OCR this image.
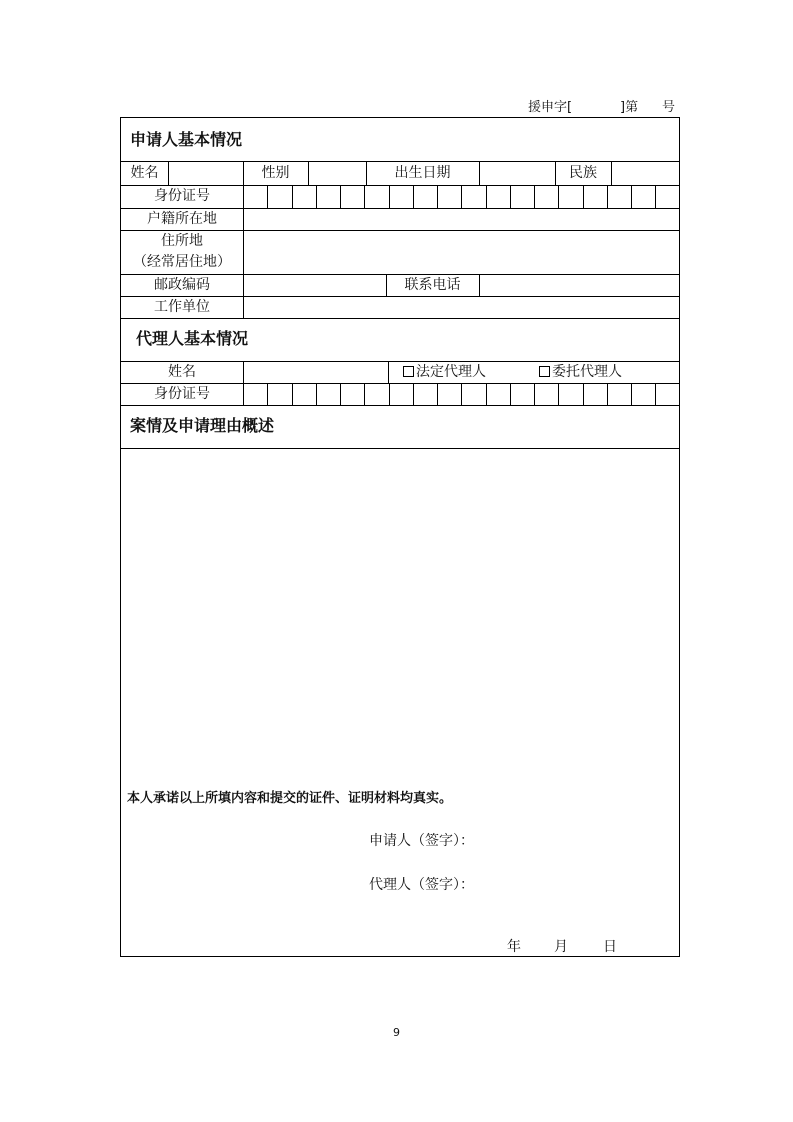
援申字[	]第 号
申请人基本情况
姓名	性别	出生日期	民族
身份证号
户籍所在地
住所地
（经常居住地）
邮政编码	联系电话
工作单位
代理人基本情况
姓名	法定代理人	委托代理人
身份证号
案情及申请理由概述
本人承诺以上所填内容和提交的证件、证明材料均真实。
申请人（签字）：
代理人（签字）：
年 月	日
9
